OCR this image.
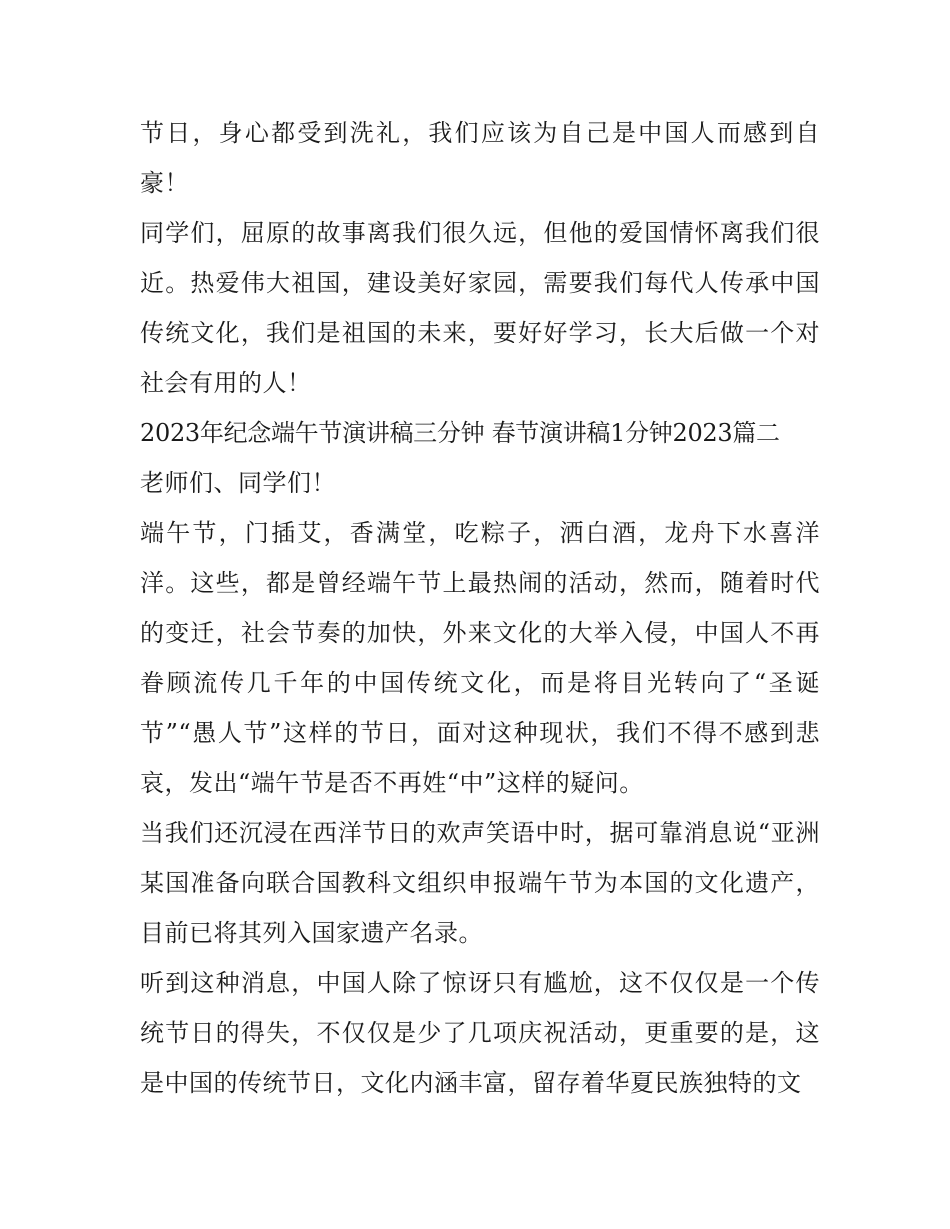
节日，身心都受到洗礼，我们应该为自己是中国人而感到自豪！

同学们，屈原的故事离我们很久远，但他的爱国情怀离我们很近。热爱伟大祖国，建设美好家园，需要我们每代人传承中国传统文化，我们是祖国的未来，要好好学习，长大后做一个对社会有用的人！

2023年纪念端午节演讲稿三分钟 春节演讲稿1分钟2023篇二

老师们、同学们！

端午节，门插艾，香满堂，吃粽子，洒白酒，龙舟下水喜洋洋。这些，都是曾经端午节上最热闹的活动，然而，随着时代的变迁，社会节奏的加快，外来文化的大举入侵，中国人不再眷顾流传几千年的中国传统文化，而是将目光转向了“圣诞节”“愚人节”这样的节日，面对这种现状，我们不得不感到悲哀，发出“端午节是否不再姓“中”这样的疑问。

当我们还沉浸在西洋节日的欢声笑语中时，据可靠消息说“亚洲某国准备向联合国教科文组织申报端午节为本国的文化遗产，目前已将其列入国家遗产名录。

听到这种消息，中国人除了惊讶只有尴尬，这不仅仅是一个传统节日的得失，不仅仅是少了几项庆祝活动，更重要的是，这是中国的传统节日，文化内涵丰富，留存着华夏民族独特的文
